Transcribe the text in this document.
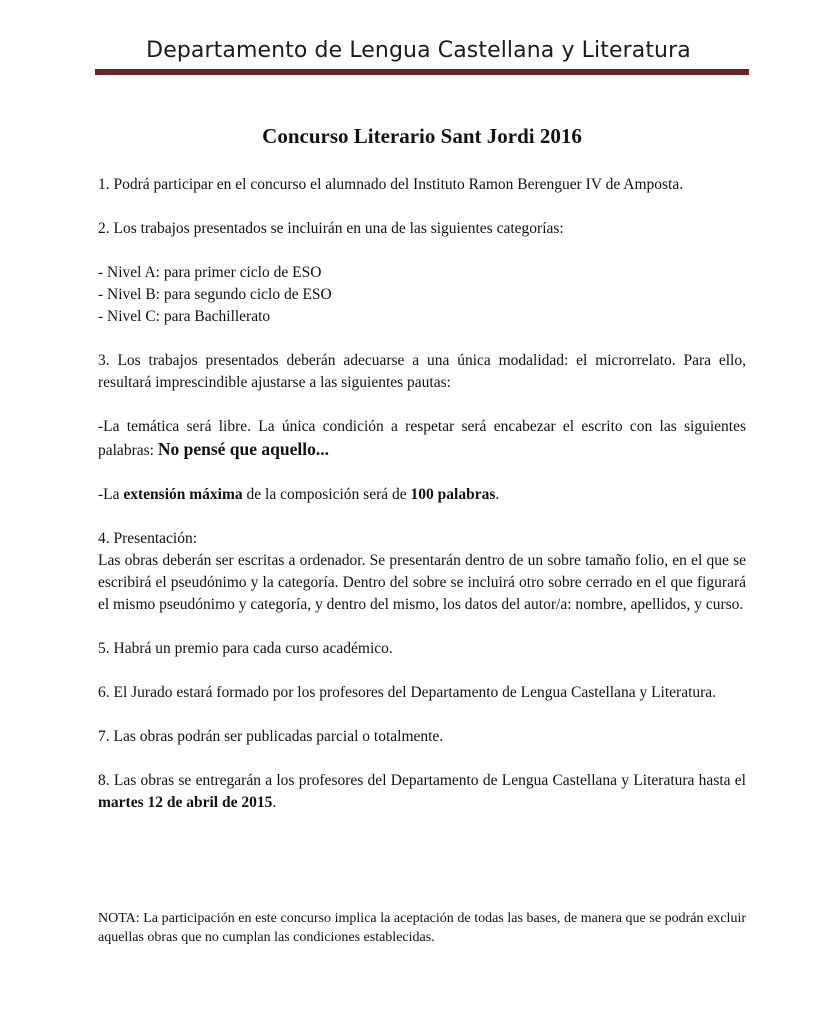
Departamento de Lengua Castellana y Literatura
Concurso Literario Sant Jordi 2016

1. Podrá participar en el concurso el alumnado del Instituto Ramon Berenguer IV de Amposta.

2. Los trabajos presentados se incluirán en una de las siguientes categorías:

- Nivel A: para primer ciclo de ESO
- Nivel B: para segundo ciclo de ESO
- Nivel C: para Bachillerato

3. Los trabajos presentados deberán adecuarse a una única modalidad: el microrrelato. Para ello, resultará imprescindible ajustarse a las siguientes pautas:

-La temática será libre. La única condición a respetar será encabezar el escrito con las siguientes palabras: No pensé que aquello...

-La extensión máxima de la composición será de 100 palabras.

4. Presentación:

Las obras deberán ser escritas a ordenador. Se presentarán dentro de un sobre tamaño folio, en el que se escribirá el pseudónimo y la categoría. Dentro del sobre se incluirá otro sobre cerrado en el que figurará el mismo pseudónimo y categoría, y dentro del mismo, los datos del autor/a: nombre, apellidos, y curso.

5. Habrá un premio para cada curso académico.

6. El Jurado estará formado por los profesores del Departamento de Lengua Castellana y Literatura.

7. Las obras podrán ser publicadas parcial o totalmente.

8. Las obras se entregarán a los profesores del Departamento de Lengua Castellana y Literatura hasta el martes 12 de abril de 2015.

NOTA: La participación en este concurso implica la aceptación de todas las bases, de manera que se podrán excluir aquellas obras que no cumplan las condiciones establecidas.
